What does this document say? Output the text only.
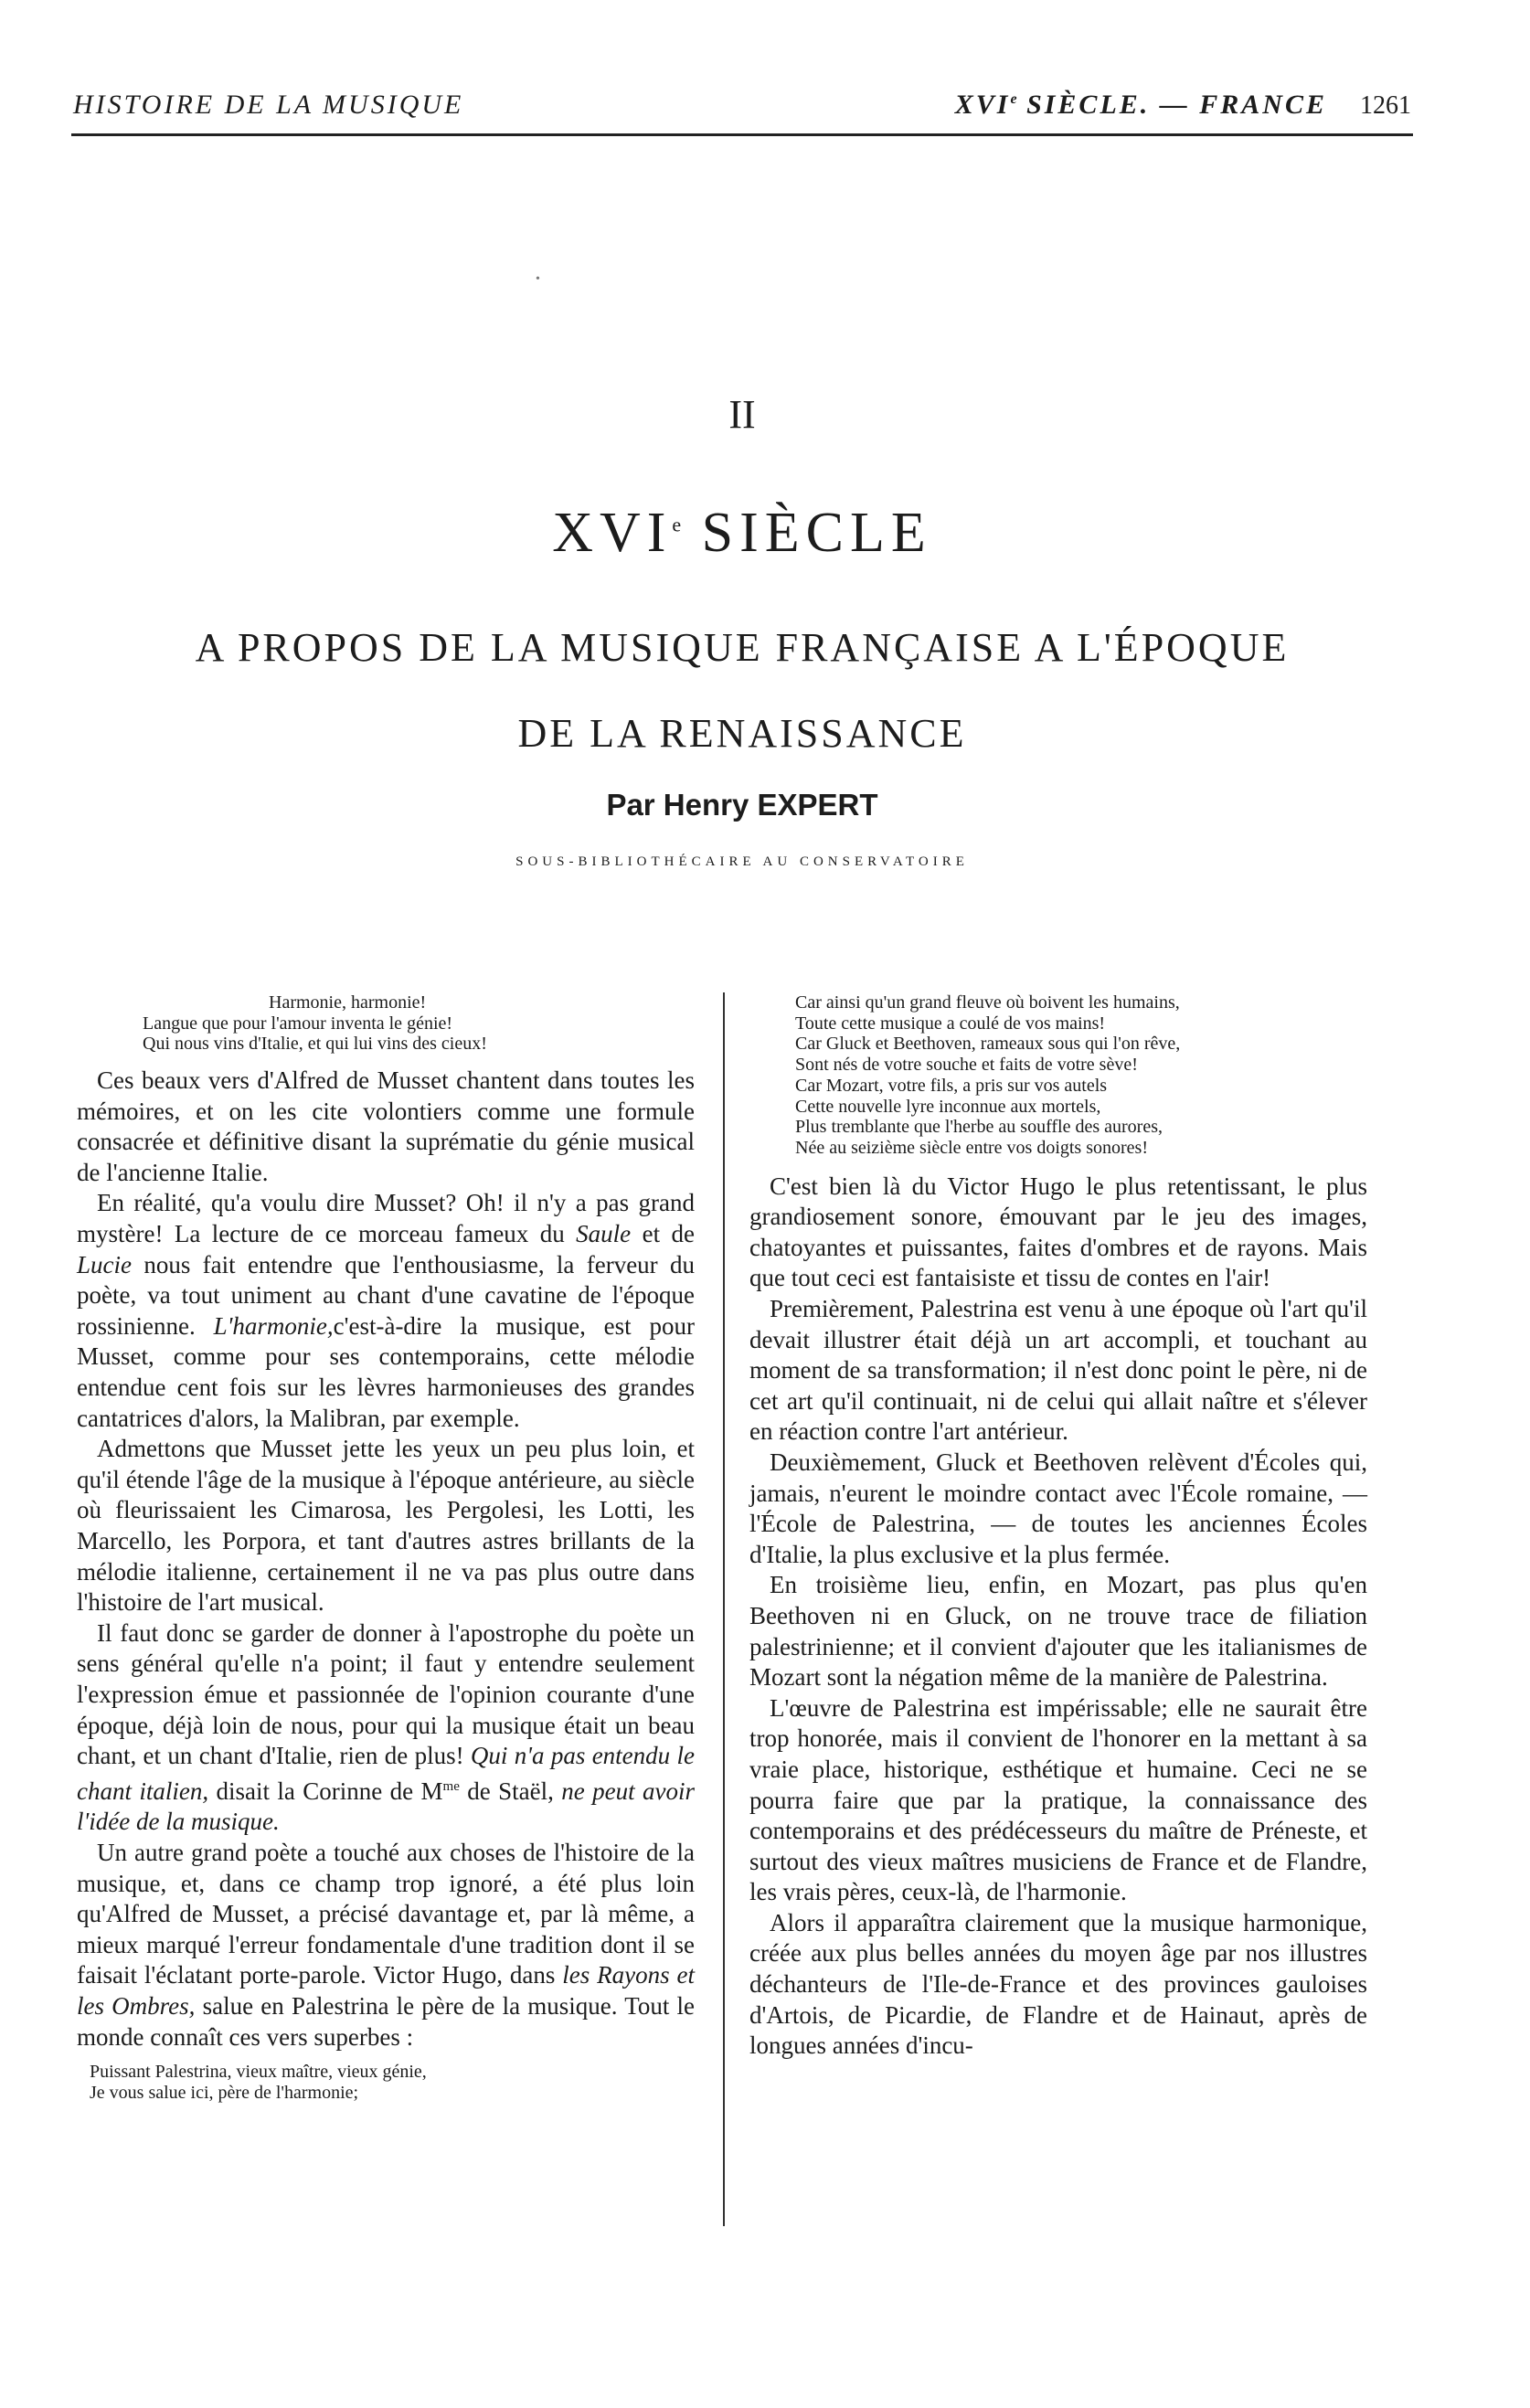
HISTOIRE DE LA MUSIQUE	XVIe SIÈCLE. — FRANCE 1261
•
II
XVIe SIÈCLE
A PROPOS DE LA MUSIQUE FRANÇAISE A L'ÉPOQUE
DE LA RENAISSANCE
Par Henry EXPERT
SOUS-BIBLIOTHÉCAIRE AU CONSERVATOIRE
Harmonie, harmonie!
Langue que pour l'amour inventa le génie!
Qui nous vins d'Italie, et qui lui vins des cieux!

Ces beaux vers d'Alfred de Musset chantent dans toutes les mémoires, et on les cite volontiers comme une formule consacrée et définitive disant la suprématie du génie musical de l'ancienne Italie.

En réalité, qu'a voulu dire Musset? Oh! il n'y a pas grand mystère! La lecture de ce morceau fameux du Saule et de Lucie nous fait entendre que l'enthousiasme, la ferveur du poète, va tout uniment au chant d'une cavatine de l'époque rossinienne. L'harmonie,c'est-à-dire la musique, est pour Musset, comme pour ses contemporains, cette mélodie entendue cent fois sur les lèvres harmonieuses des grandes cantatrices d'alors, la Malibran, par exemple.

Admettons que Musset jette les yeux un peu plus loin, et qu'il étende l'âge de la musique à l'époque antérieure, au siècle où fleurissaient les Cimarosa, les Pergolesi, les Lotti, les Marcello, les Porpora, et tant d'autres astres brillants de la mélodie italienne, certainement il ne va pas plus outre dans l'histoire de l'art musical.

Il faut donc se garder de donner à l'apostrophe du poète un sens général qu'elle n'a point; il faut y entendre seulement l'expression émue et passionnée de l'opinion courante d'une époque, déjà loin de nous, pour qui la musique était un beau chant, et un chant d'Italie, rien de plus! Qui n'a pas entendu le chant italien, disait la Corinne de $M^{me}$ de Staël, ne peut avoir l'idée de la musique.

Un autre grand poète a touché aux choses de l'histoire de la musique, et, dans ce champ trop ignoré, a été plus loin qu'Alfred de Musset, a précisé davantage et, par là même, a mieux marqué l'erreur fondamentale d'une tradition dont il se faisait l'éclatant porte-parole. Victor Hugo, dans les Rayons et les Ombres, salue en Palestrina le père de la musique. Tout le monde connaît ces vers superbes :

Puissant Palestrina, vieux maître, vieux génie,
Je vous salue ici, père de l'harmonie;
Car ainsi qu'un grand fleuve où boivent les humains,
Toute cette musique a coulé de vos mains!
Car Gluck et Beethoven, rameaux sous qui l'on rêve,
Sont nés de votre souche et faits de votre sève!
Car Mozart, votre fils, a pris sur vos autels
Cette nouvelle lyre inconnue aux mortels,
Plus tremblante que l'herbe au souffle des aurores,
Née au seizième siècle entre vos doigts sonores!

C'est bien là du Victor Hugo le plus retentissant, le plus grandiosement sonore, émouvant par le jeu des images, chatoyantes et puissantes, faites d'ombres et de rayons. Mais que tout ceci est fantaisiste et tissu de contes en l'air!

Premièrement, Palestrina est venu à une époque où l'art qu'il devait illustrer était déjà un art accompli, et touchant au moment de sa transformation; il n'est donc point le père, ni de cet art qu'il continuait, ni de celui qui allait naître et s'élever en réaction contre l'art antérieur.

Deuxièmement, Gluck et Beethoven relèvent d'Écoles qui, jamais, n'eurent le moindre contact avec l'École romaine, — l'École de Palestrina, — de toutes les anciennes Écoles d'Italie, la plus exclusive et la plus fermée.

En troisième lieu, enfin, en Mozart, pas plus qu'en Beethoven ni en Gluck, on ne trouve trace de filiation palestrinienne; et il convient d'ajouter que les italianismes de Mozart sont la négation même de la manière de Palestrina.

L'œuvre de Palestrina est impérissable; elle ne saurait être trop honorée, mais il convient de l'honorer en la mettant à sa vraie place, historique, esthétique et humaine. Ceci ne se pourra faire que par la pratique, la connaissance des contemporains et des prédécesseurs du maître de Préneste, et surtout des vieux maîtres musiciens de France et de Flandre, les vrais pères, ceux-là, de l'harmonie.

Alors il apparaîtra clairement que la musique harmonique, créée aux plus belles années du moyen âge par nos illustres déchanteurs de l'Ile-de-France et des provinces gauloises d'Artois, de Picardie, de Flandre et de Hainaut, après de longues années d'incu-
